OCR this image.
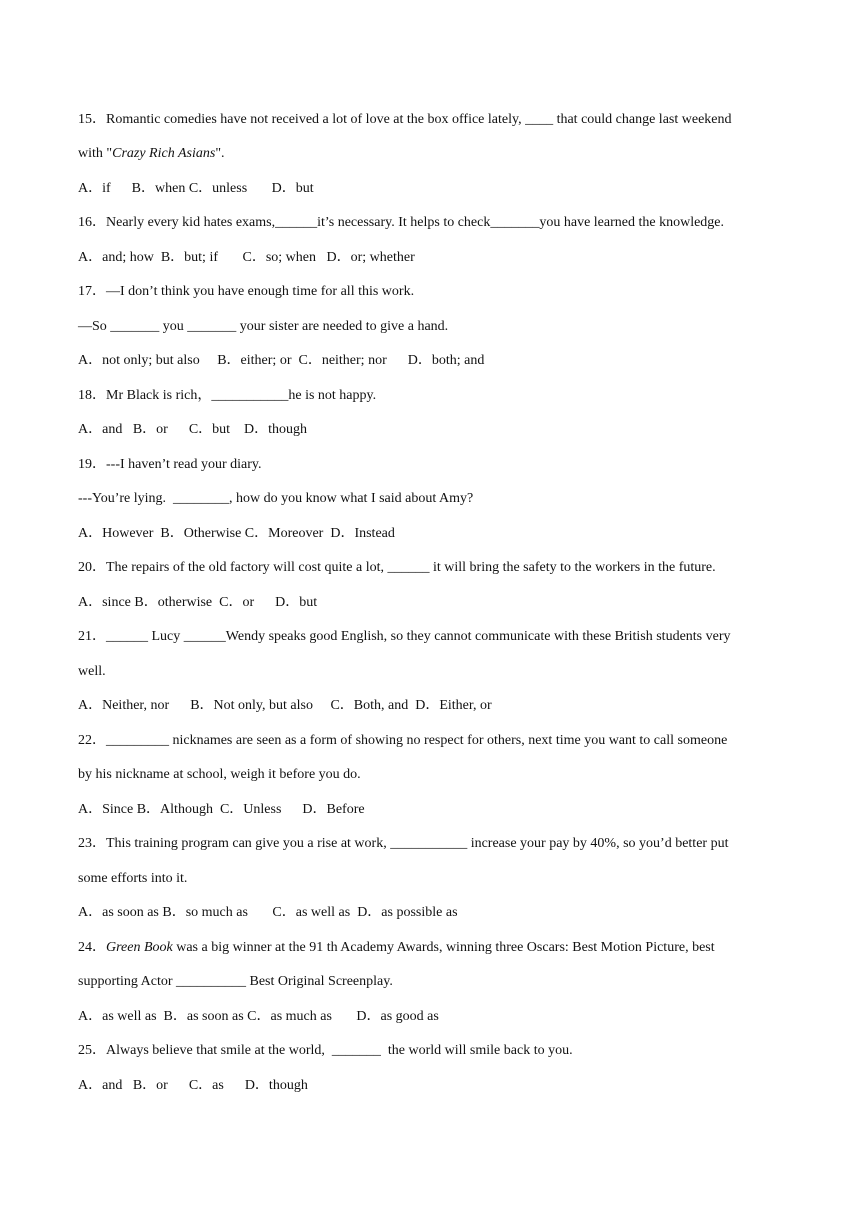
15．Romantic comedies have not received a lot of love at the box office lately, ____ that could change last weekend
with "Crazy Rich Asians".
A．if      B．when C．unless       D．but
16．Nearly every kid hates exams,______it’s necessary. It helps to check_______you have learned the knowledge.
A．and; how  B．but; if       C．so; when   D．or; whether
17．—I don’t think you have enough time for all this work.
—So _______ you _______ your sister are needed to give a hand.
A．not only; but also     B．either; or  C．neither; nor      D．both; and
18．Mr Black is rich，___________he is not happy.
A．and   B．or      C．but    D．though
19．---I haven’t read your diary.
---You’re lying.  ________, how do you know what I said about Amy?
A．However  B．Otherwise C．Moreover  D．Instead
20．The repairs of the old factory will cost quite a lot, ______ it will bring the safety to the workers in the future.
A．since B．otherwise  C．or      D．but
21．______ Lucy ______Wendy speaks good English, so they cannot communicate with these British students very
well.
A．Neither, nor      B．Not only, but also     C．Both, and  D．Either, or
22．_________ nicknames are seen as a form of showing no respect for others, next time you want to call someone
by his nickname at school, weigh it before you do.
A．Since B．Although  C．Unless      D．Before
23．This training program can give you a rise at work, ___________ increase your pay by 40%, so you’d better put
some efforts into it.
A．as soon as B．so much as       C．as well as  D．as possible as
24．Green Book was a big winner at the 91 th Academy Awards, winning three Oscars: Best Motion Picture, best
supporting Actor __________ Best Original Screenplay.
A．as well as  B．as soon as C．as much as       D．as good as
25．Always believe that smile at the world,  _______  the world will smile back to you.
A．and   B．or      C．as      D．though
